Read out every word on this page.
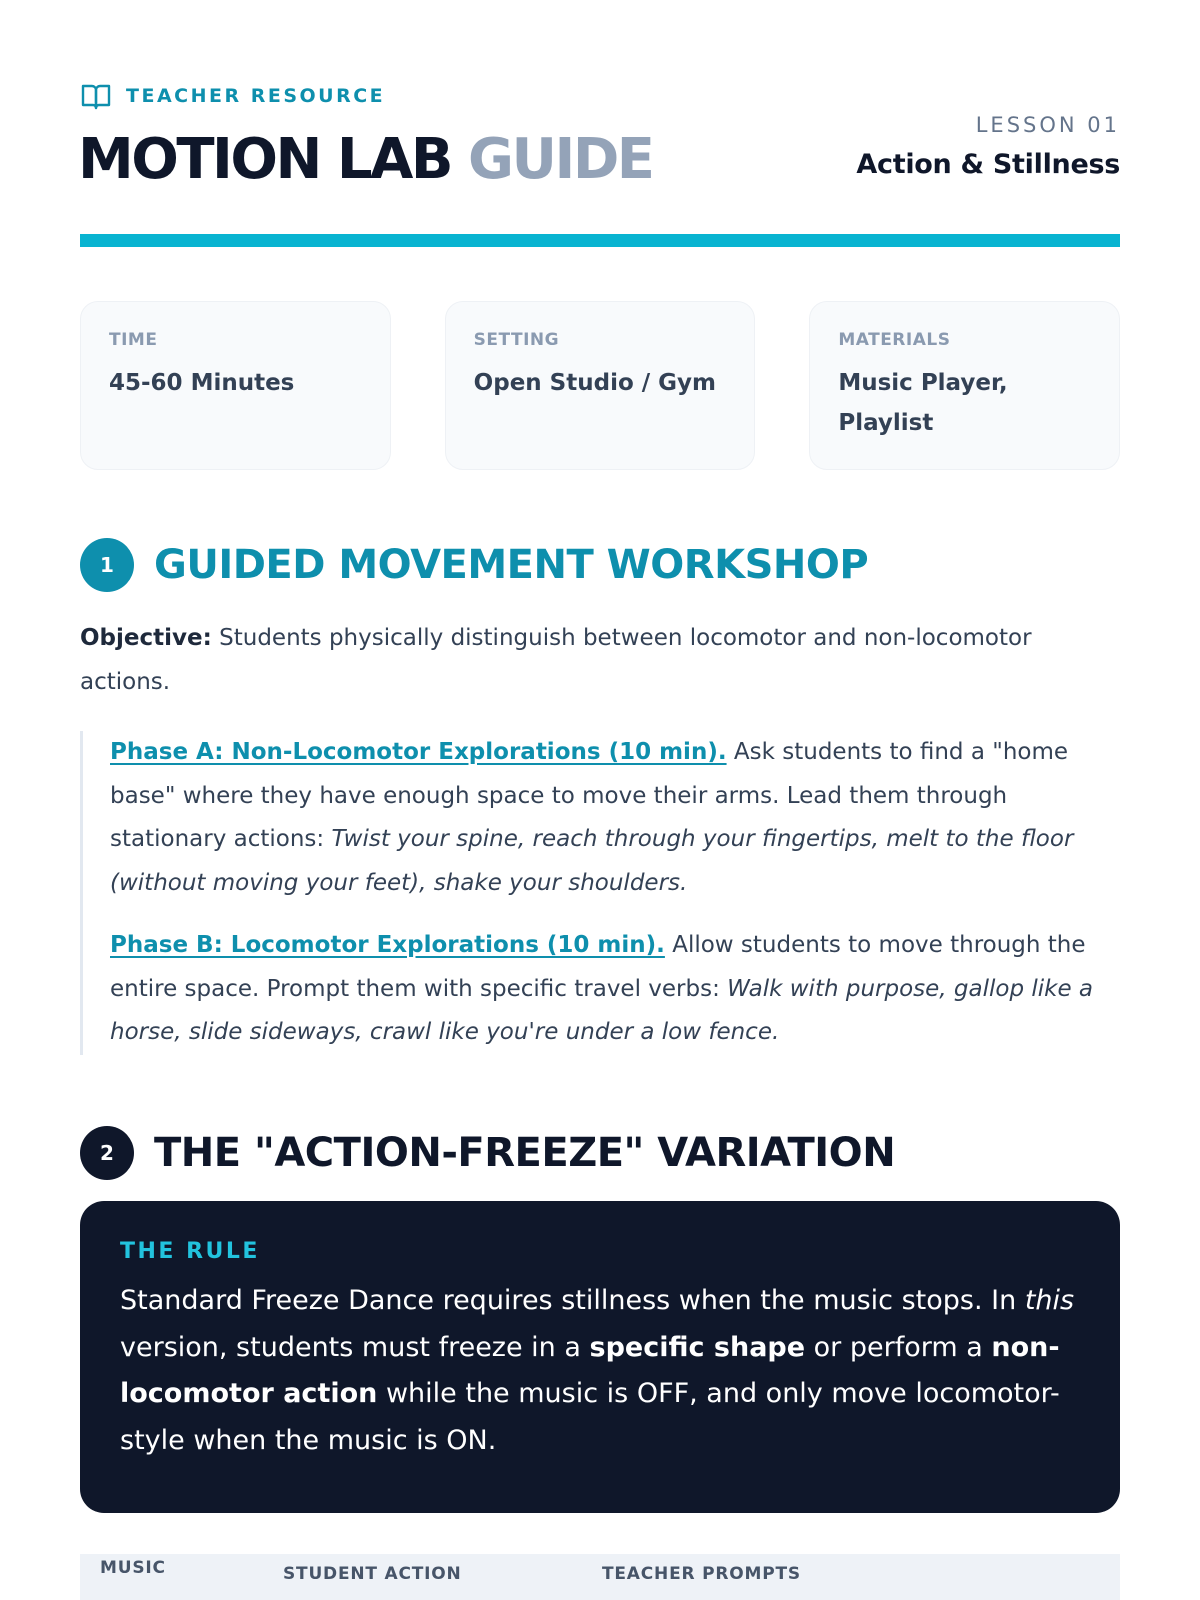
TEACHER RESOURCE
MOTION LAB GUIDE
LESSON 01
Action & Stillness
TIME
45-60 Minutes
SETTING
Open Studio / Gym
MATERIALS
Music Player, Playlist
1	GUIDED MOVEMENT WORKSHOP

Objective: Students physically distinguish between locomotor and non-locomotor actions.

Phase A: Non-Locomotor Explorations (10 min). Ask students to find a "home base" where they have enough space to move their arms. Lead them through stationary actions: Twist your spine, reach through your fingertips, melt to the floor (without moving your feet), shake your shoulders.

Phase B: Locomotor Explorations (10 min). Allow students to move through the entire space. Prompt them with specific travel verbs: Walk with purpose, gallop like a horse, slide sideways, crawl like you're under a low fence.

2	THE "ACTION-FREEZE" VARIATION
THE RULE

Standard Freeze Dance requires stillness when the music stops. In this version, students must freeze in a specific shape or perform a non-locomotor action while the music is OFF, and only move locomotor-style when the music is ON.

MUSIC	STUDENT ACTION	TEACHER PROMPTS
